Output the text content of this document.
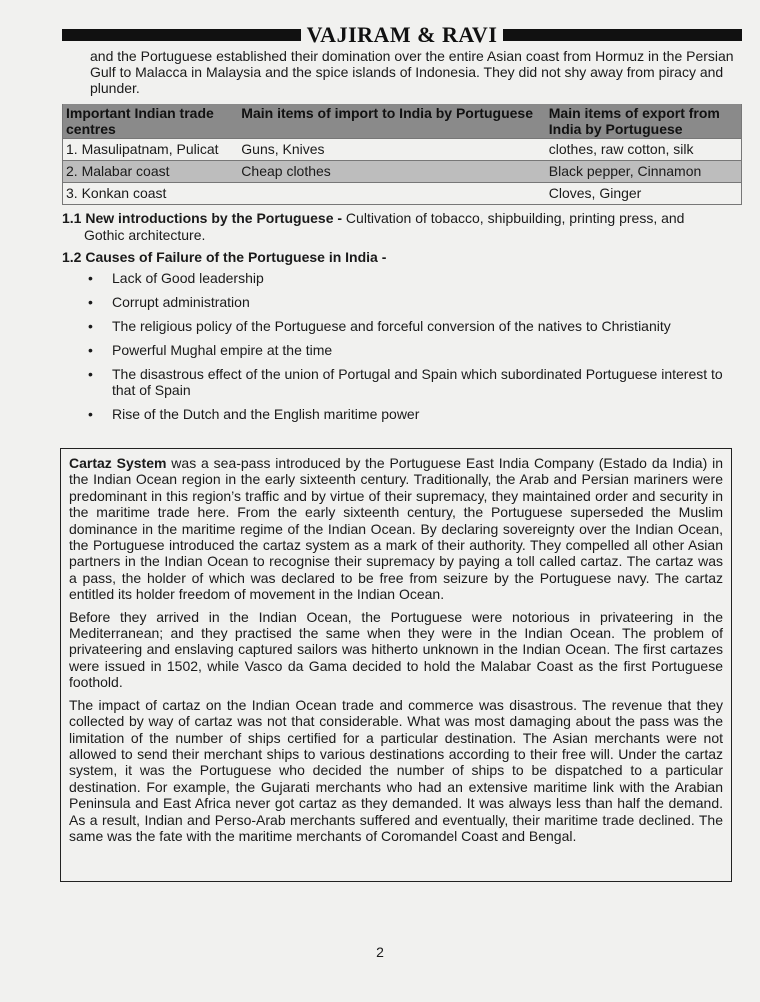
VAJIRAM & RAVI
and the Portuguese established their domination over the entire Asian coast from Hormuz in the Persian Gulf to Malacca in Malaysia and the spice islands of Indonesia. They did not shy away from piracy and plunder.
Important Indian trade centres	Main items of import to India by Portuguese	Main items of export from India by Portuguese
1. Masulipatnam, Pulicat	Guns, Knives	clothes, raw cotton, silk
2. Malabar coast	Cheap clothes	Black pepper, Cinnamon
3. Konkan coast		Cloves, Ginger
1.1 New introductions by the Portuguese - Cultivation of tobacco, shipbuilding, printing press, and
Gothic architecture.
1.2 Causes of Failure of the Portuguese in India -
• Lack of Good leadership
• Corrupt administration
• The religious policy of the Portuguese and forceful conversion of the natives to Christianity
• Powerful Mughal empire at the time
• The disastrous effect of the union of Portugal and Spain which subordinated Portuguese interest to that of Spain
• Rise of the Dutch and the English maritime power

Cartaz System was a sea-pass introduced by the Portuguese East India Company (Estado da India) in the Indian Ocean region in the early sixteenth century. Traditionally, the Arab and Persian mariners were predominant in this region’s traffic and by virtue of their supremacy, they maintained order and security in the maritime trade here. From the early sixteenth century, the Portuguese superseded the Muslim dominance in the maritime regime of the Indian Ocean. By declaring sovereignty over the Indian Ocean, the Portuguese introduced the cartaz system as a mark of their authority. They compelled all other Asian partners in the Indian Ocean to recognise their supremacy by paying a toll called cartaz. The cartaz was a pass, the holder of which was declared to be free from seizure by the Portuguese navy. The cartaz entitled its holder freedom of movement in the Indian Ocean.

Before they arrived in the Indian Ocean, the Portuguese were notorious in privateering in the Mediterranean; and they practised the same when they were in the Indian Ocean. The problem of privateering and enslaving captured sailors was hitherto unknown in the Indian Ocean. The first cartazes were issued in 1502, while Vasco da Gama decided to hold the Malabar Coast as the first Portuguese foothold.

The impact of cartaz on the Indian Ocean trade and commerce was disastrous. The revenue that they collected by way of cartaz was not that considerable. What was most damaging about the pass was the limitation of the number of ships certified for a particular destination. The Asian merchants were not allowed to send their merchant ships to various destinations according to their free will. Under the cartaz system, it was the Portuguese who decided the number of ships to be dispatched to a particular destination. For example, the Gujarati merchants who had an extensive maritime link with the Arabian Peninsula and East Africa never got cartaz as they demanded. It was always less than half the demand. As a result, Indian and Perso-Arab merchants suffered and eventually, their maritime trade declined. The same was the fate with the maritime merchants of Coromandel Coast and Bengal.

2
